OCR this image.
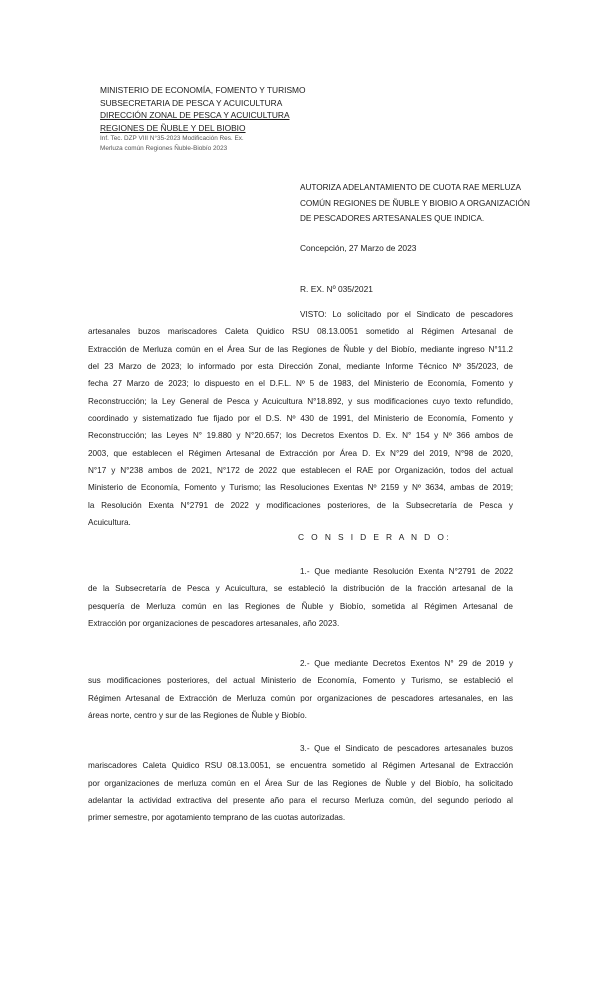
MINISTERIO DE ECONOMÍA, FOMENTO Y TURISMO
SUBSECRETARIA DE PESCA Y ACUICULTURA
DIRECCIÓN ZONAL DE PESCA Y ACUICULTURA
REGIONES DE ÑUBLE Y DEL BIOBIO
Inf. Tec. DZP VIII N°35-2023 Modificación Res. Ex.
Merluza común Regiones Ñuble-Biobío 2023
AUTORIZA ADELANTAMIENTO DE CUOTA RAE MERLUZA
COMÚN REGIONES DE ÑUBLE Y BIOBIO A ORGANIZACIÓN
DE PESCADORES ARTESANALES QUE INDICA.
Concepción, 27 Marzo de 2023
R. EX. Nº 035/2021
VISTO: Lo solicitado por el Sindicato de pescadores
artesanales buzos mariscadores Caleta Quidico RSU 08.13.0051 sometido al Régimen Artesanal de
Extracción de Merluza común en el Área Sur de las Regiones de Ñuble y del Biobío, mediante ingreso N°11.2
del 23 Marzo de 2023; lo informado por esta Dirección Zonal, mediante Informe Técnico Nº 35/2023, de
fecha 27 Marzo de 2023; lo dispuesto en el D.F.L. Nº 5 de 1983, del Ministerio de Economía, Fomento y
Reconstrucción; la Ley General de Pesca y Acuicultura N°18.892, y sus modificaciones cuyo texto refundido,
coordinado y sistematizado fue fijado por el D.S. Nº 430 de 1991, del Ministerio de Economía, Fomento y
Reconstrucción; las Leyes N° 19.880 y N°20.657; los Decretos Exentos D. Ex. N° 154 y Nº 366 ambos de
2003, que establecen el Régimen Artesanal de Extracción por Área D. Ex N°29 del 2019, N°98 de 2020,
N°17 y N°238 ambos de 2021, N°172 de 2022 que establecen el RAE por Organización, todos del actual
Ministerio de Economía, Fomento y Turismo; las Resoluciones Exentas Nº 2159 y Nº 3634, ambas de 2019;
la Resolución Exenta N°2791 de 2022 y modificaciones posteriores, de la Subsecretaría de Pesca y
Acuicultura.
C O N S I D E R A N D O:
1.- Que mediante Resolución Exenta N°2791 de 2022
de la Subsecretaría de Pesca y Acuicultura, se estableció la distribución de la fracción artesanal de la
pesquería de Merluza común en las Regiones de Ñuble y Biobío, sometida al Régimen Artesanal de
Extracción por organizaciones de pescadores artesanales, año 2023.
2.- Que mediante Decretos Exentos N° 29 de 2019 y
sus modificaciones posteriores, del actual Ministerio de Economía, Fomento y Turismo, se estableció el
Régimen Artesanal de Extracción de Merluza común por organizaciones de pescadores artesanales, en las
áreas norte, centro y sur de las Regiones de Ñuble y Biobío.
3.- Que el Sindicato de pescadores artesanales buzos
mariscadores Caleta Quidico RSU 08.13.0051, se encuentra sometido al Régimen Artesanal de Extracción
por organizaciones de merluza común en el Área Sur de las Regiones de Ñuble y del Biobío, ha solicitado
adelantar la actividad extractiva del presente año para el recurso Merluza común, del segundo periodo al
primer semestre, por agotamiento temprano de las cuotas autorizadas.
